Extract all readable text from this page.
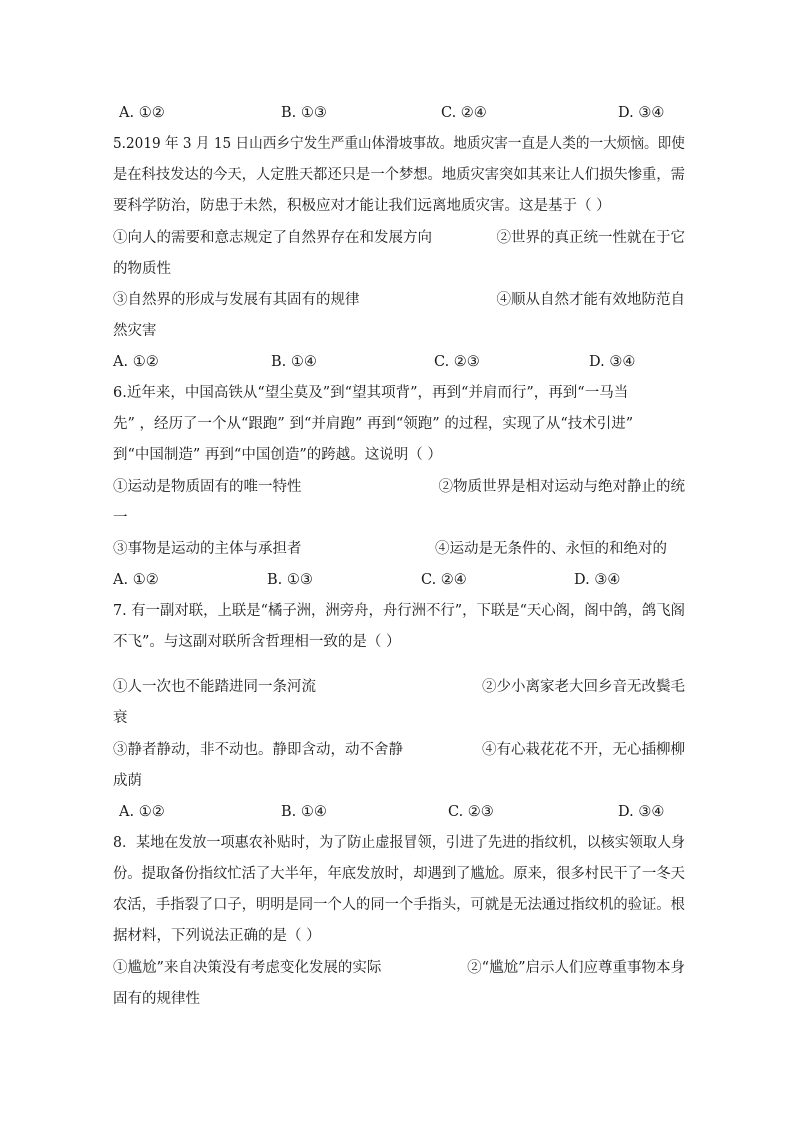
A. ①②	B. ①③	C. ②④	D. ③④
5.2019 年 3 月 15 日山西乡宁发生严重山体滑坡事故。地质灾害一直是人类的一大烦恼。即使
是在科技发达的今天，人定胜天都还只是一个梦想。地质灾害突如其来让人们损失惨重，需
要科学防治，防患于未然，积极应对才能让我们远离地质灾害。这是基于（ ）
①向人的需要和意志规定了自然界存在和发展方向	②世界的真正统一性就在于它
的物质性
③自然界的形成与发展有其固有的规律	④顺从自然才能有效地防范自
然灾害
A. ①②	B. ①④	C. ②③	D. ③④
6.近年来，中国高铁从“望尘莫及”到“望其项背”，再到“并肩而行”，再到“一马当
先” ，经历了一个从“跟跑” 到“并肩跑” 再到“领跑” 的过程，实现了从“技术引进”
到“中国制造” 再到“中国创造”的跨越。这说明（ ）
①运动是物质固有的唯一特性	②物质世界是相对运动与绝对静止的统
一
③事物是运动的主体与承担者	④运动是无条件的、永恒的和绝对的
A. ①②	B. ①③	C. ②④	D. ③④
7. 有一副对联，上联是“橘子洲，洲旁舟，舟行洲不行”，下联是“天心阁，阁中鸽，鸽飞阁
不飞”。与这副对联所含哲理相一致的是（ ）
①人一次也不能踏进同一条河流	②少小离家老大回乡音无改鬓毛
衰
③静者静动，非不动也。静即含动，动不舍静	④有心栽花花不开，无心插柳柳
成荫
A. ①②	B. ①④	C. ②③	D. ③④
8．某地在发放一项惠农补贴时，为了防止虚报冒领，引进了先进的指纹机，以核实领取人身
份。提取备份指纹忙活了大半年，年底发放时，却遇到了尴尬。原来，很多村民干了一冬天
农活，手指裂了口子，明明是同一个人的同一个手指头，可就是无法通过指纹机的验证。根
据材料，下列说法正确的是（ ）
①尴尬”来自决策没有考虑变化发展的实际	②“尴尬”启示人们应尊重事物本身
固有的规律性
